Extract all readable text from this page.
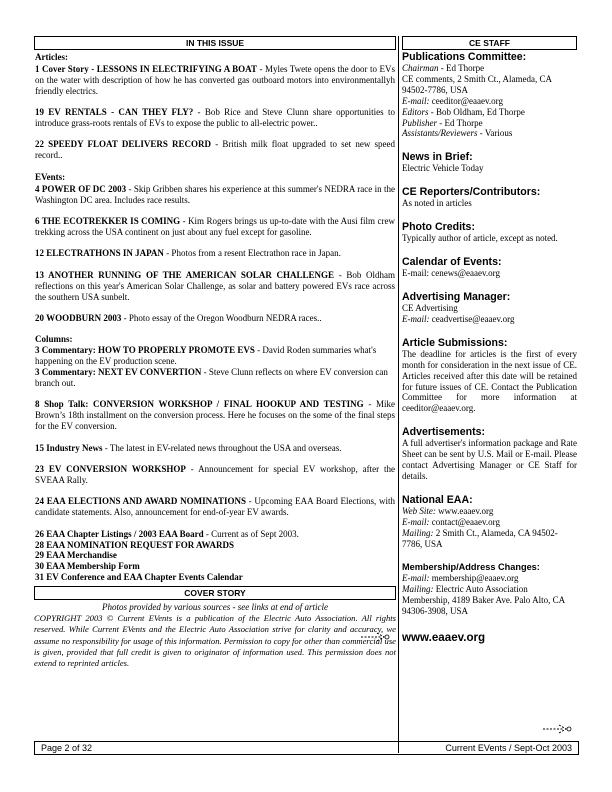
IN THIS ISSUE
Articles:
1 Cover Story - LESSONS IN ELECTRIFYING A BOAT - Myles Twete opens the door to EVs on the water with description of how he has converted gas outboard motors into environmentallyh friendly electrics.
19 EV RENTALS - CAN THEY FLY? - Bob Rice and Steve Clunn share opportunities to introduce grass-roots rentals of EVs to expose the public to all-electric power..
22 SPEEDY FLOAT DELIVERS RECORD - British milk float upgraded to set new speed record..
EVents:
4 POWER OF DC 2003 - Skip Gribben shares his experience at this summer's NEDRA race in the Washington DC area. Includes race results.
6 THE ECOTREKKER IS COMING - Kim Rogers brings us up-to-date with the Ausi film crew trekking across the USA continent on just about any fuel except for gasoline.
12 ELECTRATHONS IN JAPAN - Photos from a resent Electrathon race in Japan.
13 ANOTHER RUNNING OF THE AMERICAN SOLAR CHALLENGE - Bob Oldham reflections on this year's American Solar Challenge, as solar and battery powered EVs race across the southern USA sunbelt.
20 WOODBURN 2003 - Photo essay of the Oregon Woodburn NEDRA races..
Columns:
3 Commentary: HOW TO PROPERLY PROMOTE EVS - David Roden summaries what's happening on the EV production scene.
3 Commentary: NEXT EV CONVERTION - Steve Clunn reflects on where EV conversion can branch out.
8 Shop Talk: CONVERSION WORKSHOP / FINAL HOOKUP AND TESTING - Mike Brown’s 18th installment on the conversion process. Here he focuses on the some of the final steps for the EV conversion.
15 Industry News - The latest in EV-related news throughout the USA and overseas.
23 EV CONVERSION WORKSHOP - Announcement for special EV workshop, after the SVEAA Rally.
24 EAA ELECTIONS AND AWARD NOMINATIONS - Upcoming EAA Board Elections, with candidate statements. Also, announcement for end-of-year EV awards.
26 EAA Chapter Listings / 2003 EAA Board - Current as of Sept 2003.
28 EAA NOMINATION REQUEST FOR AWARDS
29 EAA Merchandise
30 EAA Membership Form
31 EV Conference and EAA Chapter Events Calendar
COVER STORY
Photos provided by various sources - see links at end of article
COPYRIGHT 2003 © Current EVents is a publication of the Electric Auto Association. All rights reserved. While Current EVents and the Electric Auto Association strive for clarity and accuracy, we assume no responsibility for usage of this information. Permission to copy for other than commercial use is given, provided that full credit is given to originator of information used. This permission does not extend to reprinted articles.
CE STAFF
Publications Committee:
Chairman - Ed Thorpe
CE comments, 2 Smith Ct., Alameda, CA 94502-7786, USA
E-mail: ceeditor@eaaev.org
Editors - Bob Oldham, Ed Thorpe
Publisher - Ed Thorpe
Assistants/Reviewers - Various
News in Brief:
Electric Vehicle Today
CE Reporters/Contributors:
As noted in articles
Photo Credits:
Typically author of article, except as noted.
Calendar of Events:
E-mail: cenews@eaaev.org
Advertising Manager:
CE Advertising
E-mail: ceadvertise@eaaev.org
Article Submissions:
The deadline for articles is the first of every month for consideration in the next issue of CE. Articles received after this date will be retained for future issues of CE. Contact the Publication Committee for more information at ceeditor@eaaev.org.
Advertisements:
A full advertiser's information package and Rate Sheet can be sent by U.S. Mail or E-mail. Please contact Advertising Manager or CE Staff for details.
National EAA:
Web Site: www.eaaev.org
E-mail: contact@eaaev.org
Mailing: 2 Smith Ct., Alameda, CA 94502-7786, USA
Membership/Address Changes:
E-mail: membership@eaaev.org
Mailing: Electric Auto Association Membership, 4189 Baker Ave. Palo Alto, CA 94306-3908, USA
www.eaaev.org
Page 2 of 32	Current EVents / Sept-Oct 2003
